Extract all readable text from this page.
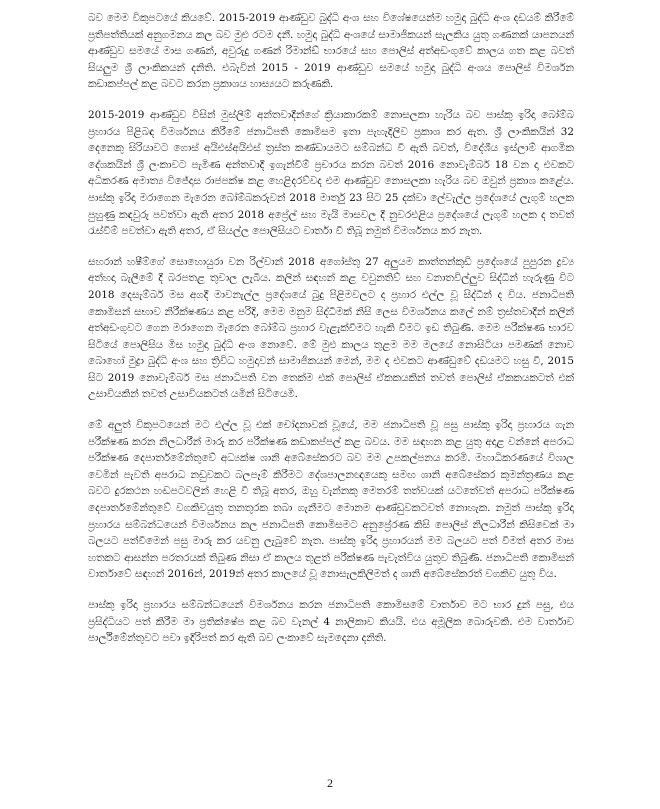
බව මෙම විකුපටයේ කියවේ. 2015-2019 ආණ්ඩුව බුද්ධි අංශ සහ විශේෂයෙන්ම හමුදා බුද්ධි අංශ දඩයම් කිරීමේ ප්‍රතිපත්තියක් අනුගමනය කල බව මුළු රටම දනී. හමුදා බුද්ධි අංශයේ සාමාජිකයන් සැලකිය යුතු ගණනක් යාපනයන් ආණ්ඩුව සමයේ මාස ගණන්, අවුරුදු ගණන් රිමාන්ඩ් භාරයේ සහ පොලිස් අත්අඩංගුවේ කාලය ගත කළ බවත් සියලුම ශ්‍රී ලාංකිකයන් දනිති. එබැවින් 2015 - 2019 ආණ්ඩුව සමයේ හමුදා බුද්ධි අංශය පොලිස් විමර්ශන කඩාකප්පල් කළ බවට කරන ප්‍රකාශය හාස්‍යයට කරුණකි.

2015-2019 ආණ්ඩුව විසින් මුස්ලිම් අන්තවාදීන්ගේ ක්‍රියාකාරකම් නොසලකා හැරිය බව පාස්කු ඉරිදා බෝම්බ ප්‍රහාරය පිළිබඳ විමර්ශනය කිරීමේ ජනාධිපති කොමිසම ඉතා පැහැදිලිව ප්‍රකාශ කර ඇත. ශ්‍රී ලාංකිකයින් 32 දෙනෙකු සිරියාවට ගොස් අයිඑස්අයිඑස් ත්‍රස්ත කණ්ඩායමට සම්බන්ධ වී ඇති බවත්, විදේශීය ඉස්ලාම් ආගමික දේශකයින් ශ්‍රී ලංකාවට පැමිණ අන්තවාදී ඉගැන්වීම් ප්‍රචාරය කරන බවත් 2016 නොවැම්බර් 18 වන දා එවකට අධිකරණ අමාත්‍ය විජේදාස රාජපක්ෂ කළ හෙළිදරව්වද එම ආණ්ඩුව නොසලකා හැරිය බව ඔවුන් ප්‍රකාශ කළේය. පාස්කු ඉරිදා මරාගෙන මැරෙන බෝම්බකරුවන් 2018 මාර්තු 23 සිට 25 දක්වා ලේවැල්ල ප්‍රදේශයේ ලැගුම් හලක පුහුණු කඳවුරු පවත්වා ඇති අතර 2018 අප්‍රේල් සහ මැයි මාසවල දී නුවරඑළිය ප්‍රදේශයේ ලැගුම් හලක ද තවත් රැස්වීම් පවත්වා ඇති අතර, ඒ සියල්ල පොලිසියට වාර්තා වී තිබූ නමුත් විමර්ශනය කර නැත.

සහරාන් හෂීම්ගේ සොහොයුරා වන රිල්වාන් 2018 අගෝස්තු 27 අලුයම කාත්තන්කුඩි ප්‍රදේශයේ පුපුරන ද්‍රව්‍ය අත්හදා බැලීමේ දී බරපතළ තුවාල ලැබීය. කලින් සඳහන් කළ වවුනතිව් සහ වනාතවිල්ලුව සිද්ධීන් හැරුණු විට 2018 දෙසැම්බර් මස අගදී මාවනැල්ල ප්‍රදේශයේ බුදු පිළිමවලට ද ප්‍රහාර එල්ල වූ සිද්ධීන් ද විය. ජනාධිපති කොමිසන් සභාව නිරීක්ෂණය කළ පරිදි, මෙම මනුම සිද්ධීමක් නිසි ලෙස විමර්ශනය කලේ නම් ත්‍රස්තවාදීන් කලින් අත්අඩංගුවට ගෙන මරාගෙන මැරෙන බෝම්බ ප්‍රහාර වැළැක්වීමට හැකි වීමට ඉඩ තිබුණි. මෙම පරීක්ෂණ භාරව සිටියේ පොලිසිය මිස හමුදා බුද්ධි අංශ නොවේ. මේ මුළු කාලය තුළම මම මලයේ නොසිටියා පමණක් නොව බොහෝ මුද්‍රා බුද්ධි අංශ සහ ත්‍රිවිධ හමුදාවන් සාමාජිකයන් මෙන්, මම ද එවකට ආණ්ඩුවේ දඩයමට හසු වී, 2015 සිට 2019 නොවැම්බර් මස ජනාධිපති වන තෙක්ම එක් පොලිස් ඒකකයකින් තවත් පොලිස් ඒකකයකටත් එක් උසාවියකින් තවත් උසාවියකටත් යමින් සිටියෙමි.

මේ අලුත් විකුපටයෙන් මට එල්ල වූ එක් චෝදනාවක් වූයේ, මම ජනාධිපති වූ පසු පාස්කු ඉරිදා ප්‍රහාරය ගැන පරීක්ෂණ කරන නිලධාරීන් මාරු කර පරීක්ෂණ කඩාකප්පල් කළ බවය. මම සඳහන කළ යුතු අදාළ වන්නේ අපරාධ පරීක්ෂණ දෙපාර්තමේන්තුවේ අධ්‍යක්ෂ ශානි අබේසේකරට බව මම උපකල්පනය කරමි. මහාධිකරණයේ විශාල වෙමින් පැවති අපරාධ නඩුවකට බලපෑම් කිරීමට දේශපාලනඥයෙකු සමඟ ශානි අබේසේකර කුමන්ත්‍රණය කළ බවට දුරකථන හඬපටවලින් හෙළි වී තිබූ අතර, ඔහු වැන්නකු මෙතරම් තත්වයක් යටතේවත් අපරාධ පරීක්ෂණ දෙපාර්තමේන්තුවේ වගකිවයුතු තනතුරක තබා ගැනීමට මොනම ආණ්ඩුවකටවත් නොහැක. නමුත් පාස්කු ඉරිදා ප්‍රහාරය සම්බන්ධයෙන් විමර්ශනය කල ජනාධිපති කොමිසමට අනුප්‍රේරණ කිසි පොලිස් නිලධාරීන් කිසිවෙක් මා බලයට පත්වීමෙන් පසු මාරු කර යවනු ලැබුවේ නැත. පාස්කු ඉරිදා ප්‍රහාරයන් මම බලයට පත් වීමත් අතර මාස හතකට ආසන්න පරතරයක් තිබුණ නිසා ඒ කාලය තුළත් පරීක්ෂණ පැවැත්විය යුතුව තිබුණි. ජනාධිපති කොමිසන් වාර්තාවේ සඳහන් 2016න්, 2019න් අතර කාලයේ වූ නොසැලකිලිමත් ද ශානි අබේසේකරත් වගකිව යුතු විය.

පාස්කු ඉරිදා ප්‍රහාරය සම්බන්ධයෙන් විමර්ශනය කරන ජනාධිපති කොමිසමේ වාර්තාව මට භාර දුන් පසු, එය ප්‍රසිද්ධියට පත් කිරීම මා ප්‍රතික්ෂේප කළ බව වැනල් 4 නාලිකාව කියයි. එය අමූලික බොරුවකි. එම වාර්තාව පාර්ලිමේන්තුවට පවා ඉදිරිපත් කර ඇති බව ලංකාවේ සැමදෙනා දනිති.

2
